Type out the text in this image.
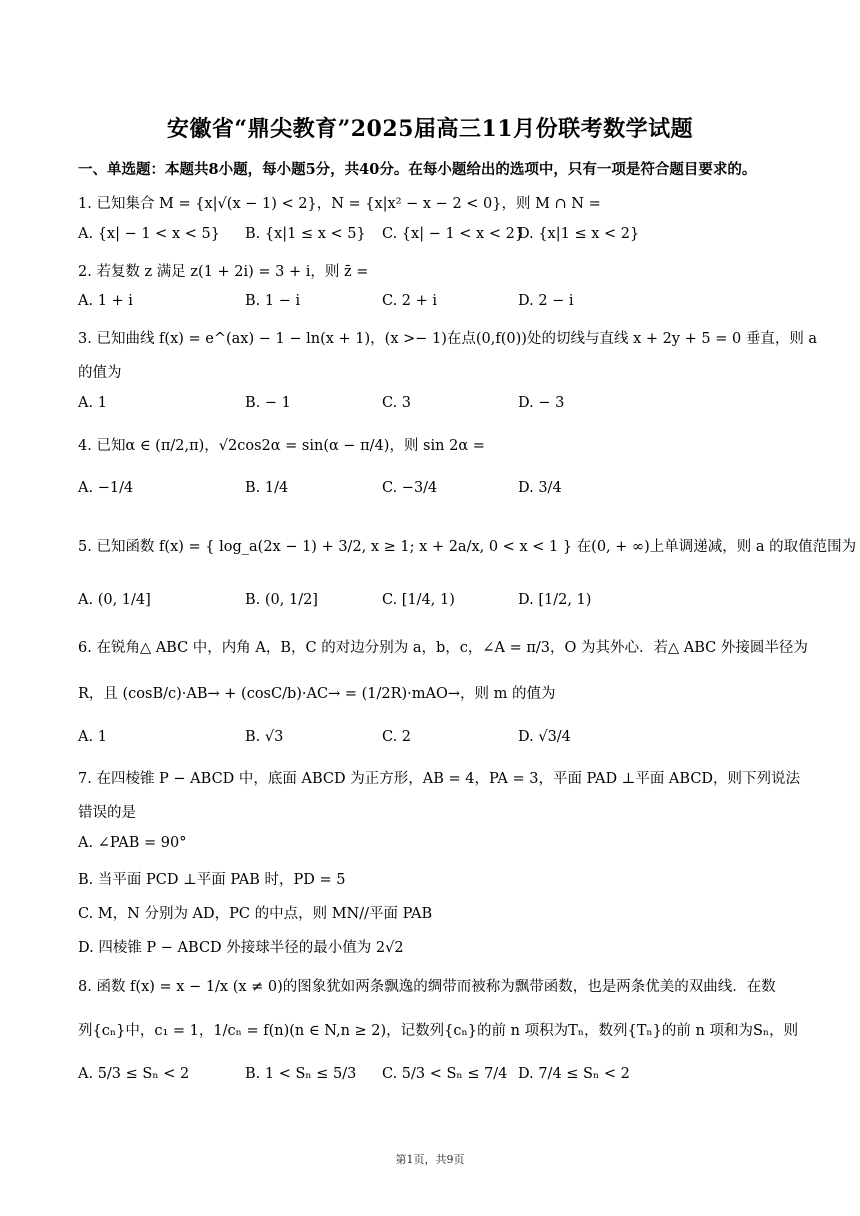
安徽省“鼎尖教育”2025届高三11月份联考数学试题
一、单选题：本题共8小题，每小题5分，共40分。在每小题给出的选项中，只有一项是符合题目要求的。
1. 已知集合 M = {x|√(x − 1) < 2}，N = {x|x² − x − 2 < 0}，则 M ∩ N =
A. {x| − 1 < x < 5} B. {x|1 ≤ x < 5} C. {x| − 1 < x < 2}
D. {x|1 ≤ x < 2}
2. 若复数 z 满足 z(1 + 2i) = 3 + i，则 z̄ =
A. 1 + i	B. 1 − i	C. 2 + i	D. 2 − i
3. 已知曲线 f(x) = e^(ax) − 1 − ln(x + 1)，(x >− 1)在点(0,f(0))处的切线与直线 x + 2y + 5 = 0 垂直，则 a
的值为
A. 1	B. − 1	C. 3	D. − 3
4. 已知α ∈ (π/2,π)，√2cos2α = sin(α − π/4)，则 sin 2α =
A. −1/4	B. 1/4	C. −3/4	D. 3/4
5. 已知函数 f(x) = { log_a(2x − 1) + 3/2, x ≥ 1; x + 2a/x, 0 < x < 1 } 在(0, + ∞)上单调递减，则 a 的取值范围为
A. (0, 1/4]	B. (0, 1/2]	C. [1/4, 1)	D. [1/2, 1)
6. 在锐角△ ABC 中，内角 A，B，C 的对边分别为 a，b，c，∠A = π/3，O 为其外心．若△ ABC 外接圆半径为
R，且 (cosB/c)·AB→ + (cosC/b)·AC→ = (1/2R)·mAO→，则 m 的值为
A. 1	B. √3	C. 2	D. √3/4
7. 在四棱锥 P − ABCD 中，底面 ABCD 为正方形，AB = 4，PA = 3，平面 PAD ⊥平面 ABCD，则下列说法
错误的是
A. ∠PAB = 90°
B. 当平面 PCD ⊥平面 PAB 时，PD = 5
C. M，N 分别为 AD，PC 的中点，则 MN//平面 PAB
D. 四棱锥 P − ABCD 外接球半径的最小值为 2√2
8. 函数 f(x) = x − 1/x (x ≠ 0)的图象犹如两条飘逸的绸带而被称为飘带函数，也是两条优美的双曲线．在数
列{cₙ}中，c₁ = 1，1/cₙ = f(n)(n ∈ N,n ≥ 2)，记数列{cₙ}的前 n 项积为Tₙ，数列{Tₙ}的前 n 项和为Sₙ，则
A. 5/3 ≤ Sₙ < 2	B. 1 < Sₙ ≤ 5/3 C. 5/3 < Sₙ ≤ 7/4 D. 7/4 ≤ Sₙ < 2
第1页，共9页
